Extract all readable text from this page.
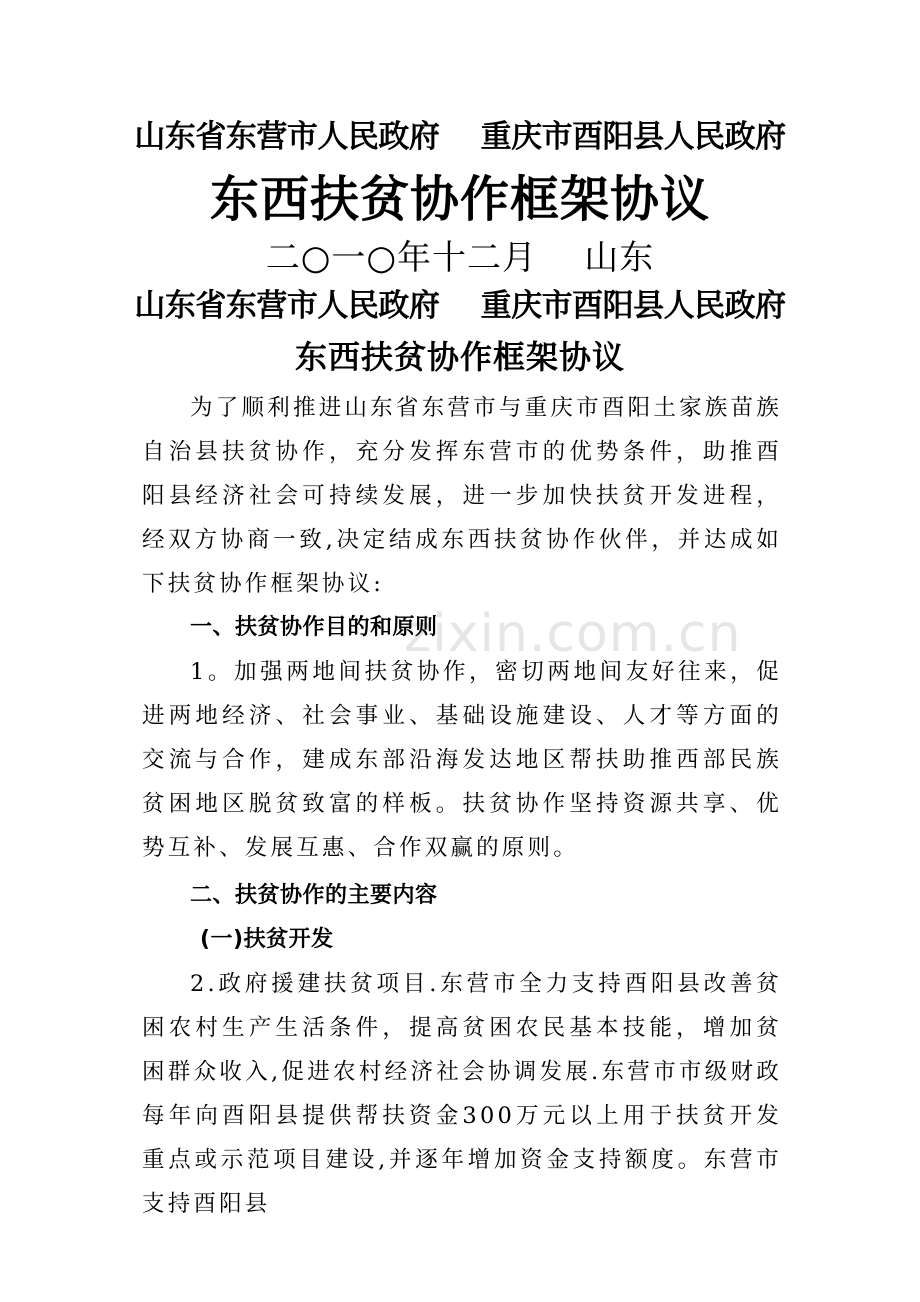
山东省东营市人民政府    重庆市酉阳县人民政府
东西扶贫协作框架协议
二○一○年十二月    山东
山东省东营市人民政府    重庆市酉阳县人民政府
东西扶贫协作框架协议
为了顺利推进山东省东营市与重庆市酉阳土家族苗族自治县扶贫协作，充分发挥东营市的优势条件，助推酉阳县经济社会可持续发展，进一步加快扶贫开发进程，经双方协商一致,决定结成东西扶贫协作伙伴，并达成如下扶贫协作框架协议:
zixin.com.cn
一、扶贫协作目的和原则
1。加强两地间扶贫协作，密切两地间友好往来，促进两地经济、社会事业、基础设施建设、人才等方面的交流与合作，建成东部沿海发达地区帮扶助推西部民族贫困地区脱贫致富的样板。扶贫协作坚持资源共享、优势互补、发展互惠、合作双赢的原则。
二、扶贫协作的主要内容
(一)扶贫开发
2.政府援建扶贫项目.东营市全力支持酉阳县改善贫困农村生产生活条件，提高贫困农民基本技能，增加贫困群众收入,促进农村经济社会协调发展.东营市市级财政每年向酉阳县提供帮扶资金300万元以上用于扶贫开发重点或示范项目建设,并逐年增加资金支持额度。东营市支持酉阳县
